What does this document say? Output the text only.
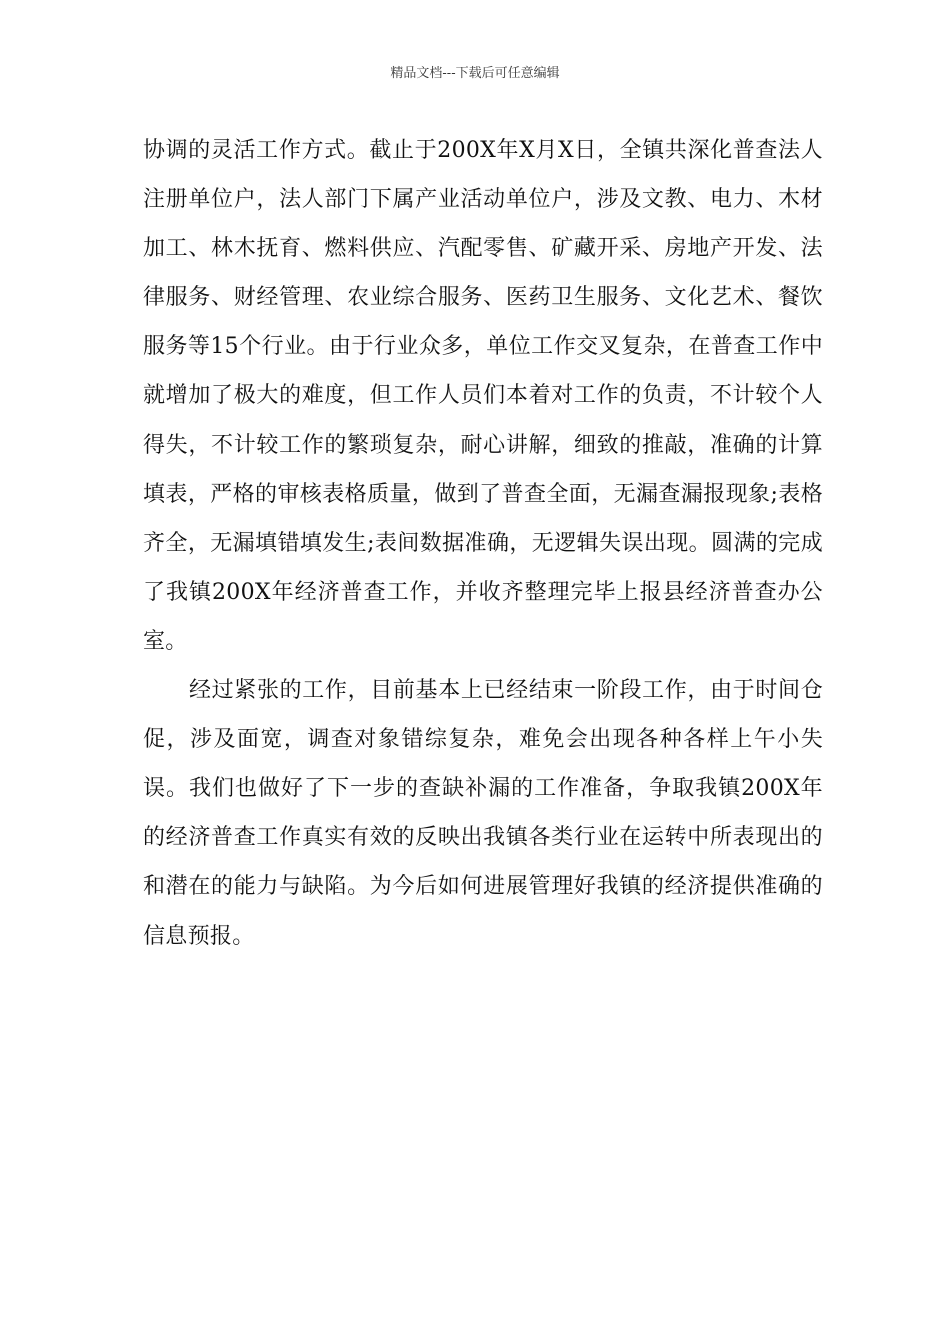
精品文档---下载后可任意编辑

协调的灵活工作方式。截止于200X年X月X日，全镇共深化普查法人注册单位户，法人部门下属产业活动单位户，涉及文教、电力、木材加工、林木抚育、燃料供应、汽配零售、矿藏开采、房地产开发、法律服务、财经管理、农业综合服务、医药卫生服务、文化艺术、餐饮服务等15个行业。由于行业众多，单位工作交叉复杂，在普查工作中就增加了极大的难度，但工作人员们本着对工作的负责，不计较个人得失，不计较工作的繁琐复杂，耐心讲解，细致的推敲，准确的计算填表，严格的审核表格质量，做到了普查全面，无漏查漏报现象;表格齐全，无漏填错填发生;表间数据准确，无逻辑失误出现。圆满的完成了我镇200X年经济普查工作，并收齐整理完毕上报县经济普查办公室。

经过紧张的工作，目前基本上已经结束一阶段工作，由于时间仓促，涉及面宽，调查对象错综复杂，难免会出现各种各样上午小失误。我们也做好了下一步的查缺补漏的工作准备，争取我镇200X年的经济普查工作真实有效的反映出我镇各类行业在运转中所表现出的和潜在的能力与缺陷。为今后如何进展管理好我镇的经济提供准确的信息预报。
